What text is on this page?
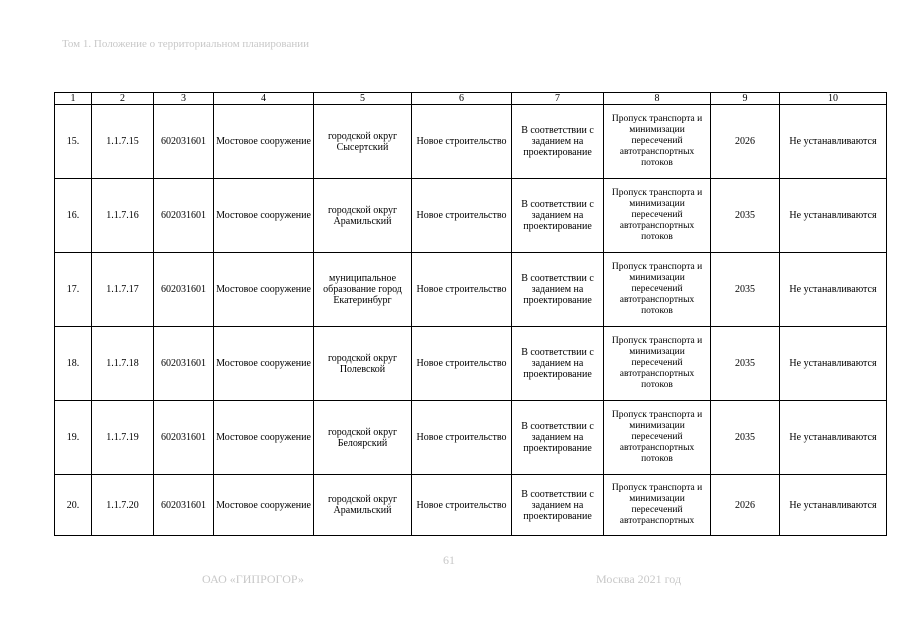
Том 1. Положение о территориальном планировании
1	2	3	4	5	6	7	8	9	10
15.	1.1.7.15	602031601	Мостовое сооружение	городской округ Сысертский	Новое строительство	В соответствии с заданием на проектирование	Пропуск транспорта и минимизации пересечений автотранспортных потоков	2026	Не устанавливаются
16.	1.1.7.16	602031601	Мостовое сооружение	городской округ Арамильский	Новое строительство	В соответствии с заданием на проектирование	Пропуск транспорта и минимизации пересечений автотранспортных потоков	2035	Не устанавливаются
17.	1.1.7.17	602031601	Мостовое сооружение	муниципальное образование город Екатеринбург	Новое строительство	В соответствии с заданием на проектирование	Пропуск транспорта и минимизации пересечений автотранспортных потоков	2035	Не устанавливаются
18.	1.1.7.18	602031601	Мостовое сооружение	городской округ Полевской	Новое строительство	В соответствии с заданием на проектирование	Пропуск транспорта и минимизации пересечений автотранспортных потоков	2035	Не устанавливаются
19.	1.1.7.19	602031601	Мостовое сооружение	городской округ Белоярский	Новое строительство	В соответствии с заданием на проектирование	Пропуск транспорта и минимизации пересечений автотранспортных потоков	2035	Не устанавливаются
20.	1.1.7.20	602031601	Мостовое сооружение	городской округ Арамильский	Новое строительство	В соответствии с заданием на проектирование	Пропуск транспорта и минимизации пересечений автотранспортных	2026	Не устанавливаются
61
ОАО «ГИПРОГОР»	Москва 2021 год
